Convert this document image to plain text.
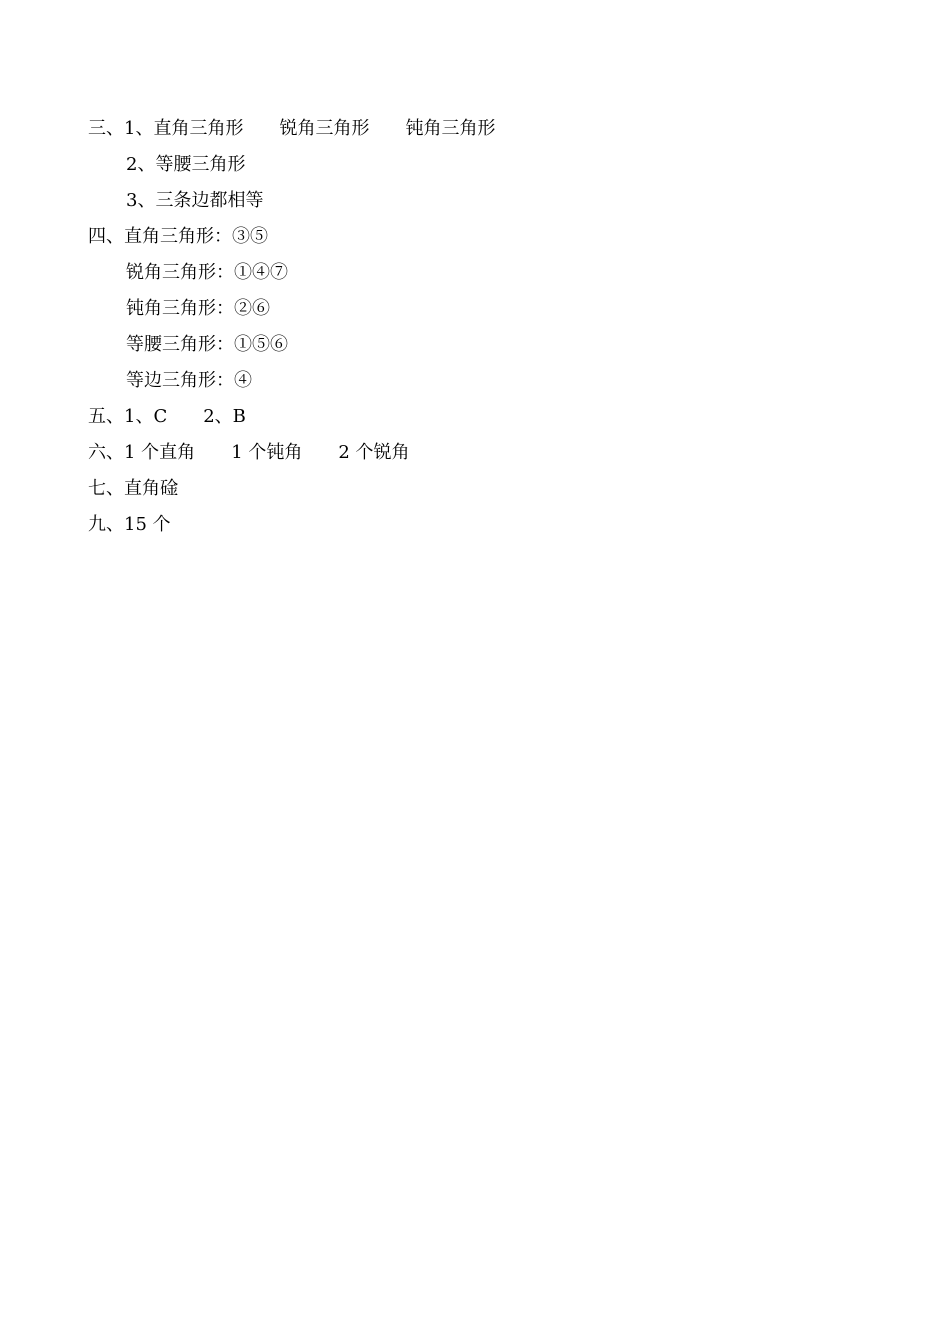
三、1、直角三角形 锐角三角形 钝角三角形
2、等腰三角形
3、三条边都相等
四、直角三角形：③⑤
锐角三角形：①④⑦
钝角三角形：②⑥
等腰三角形：①⑤⑥
等边三角形：④
五、1、C 2、B
六、1 个直角 1 个钝角 2 个锐角
七、直角碒
九、15 个
